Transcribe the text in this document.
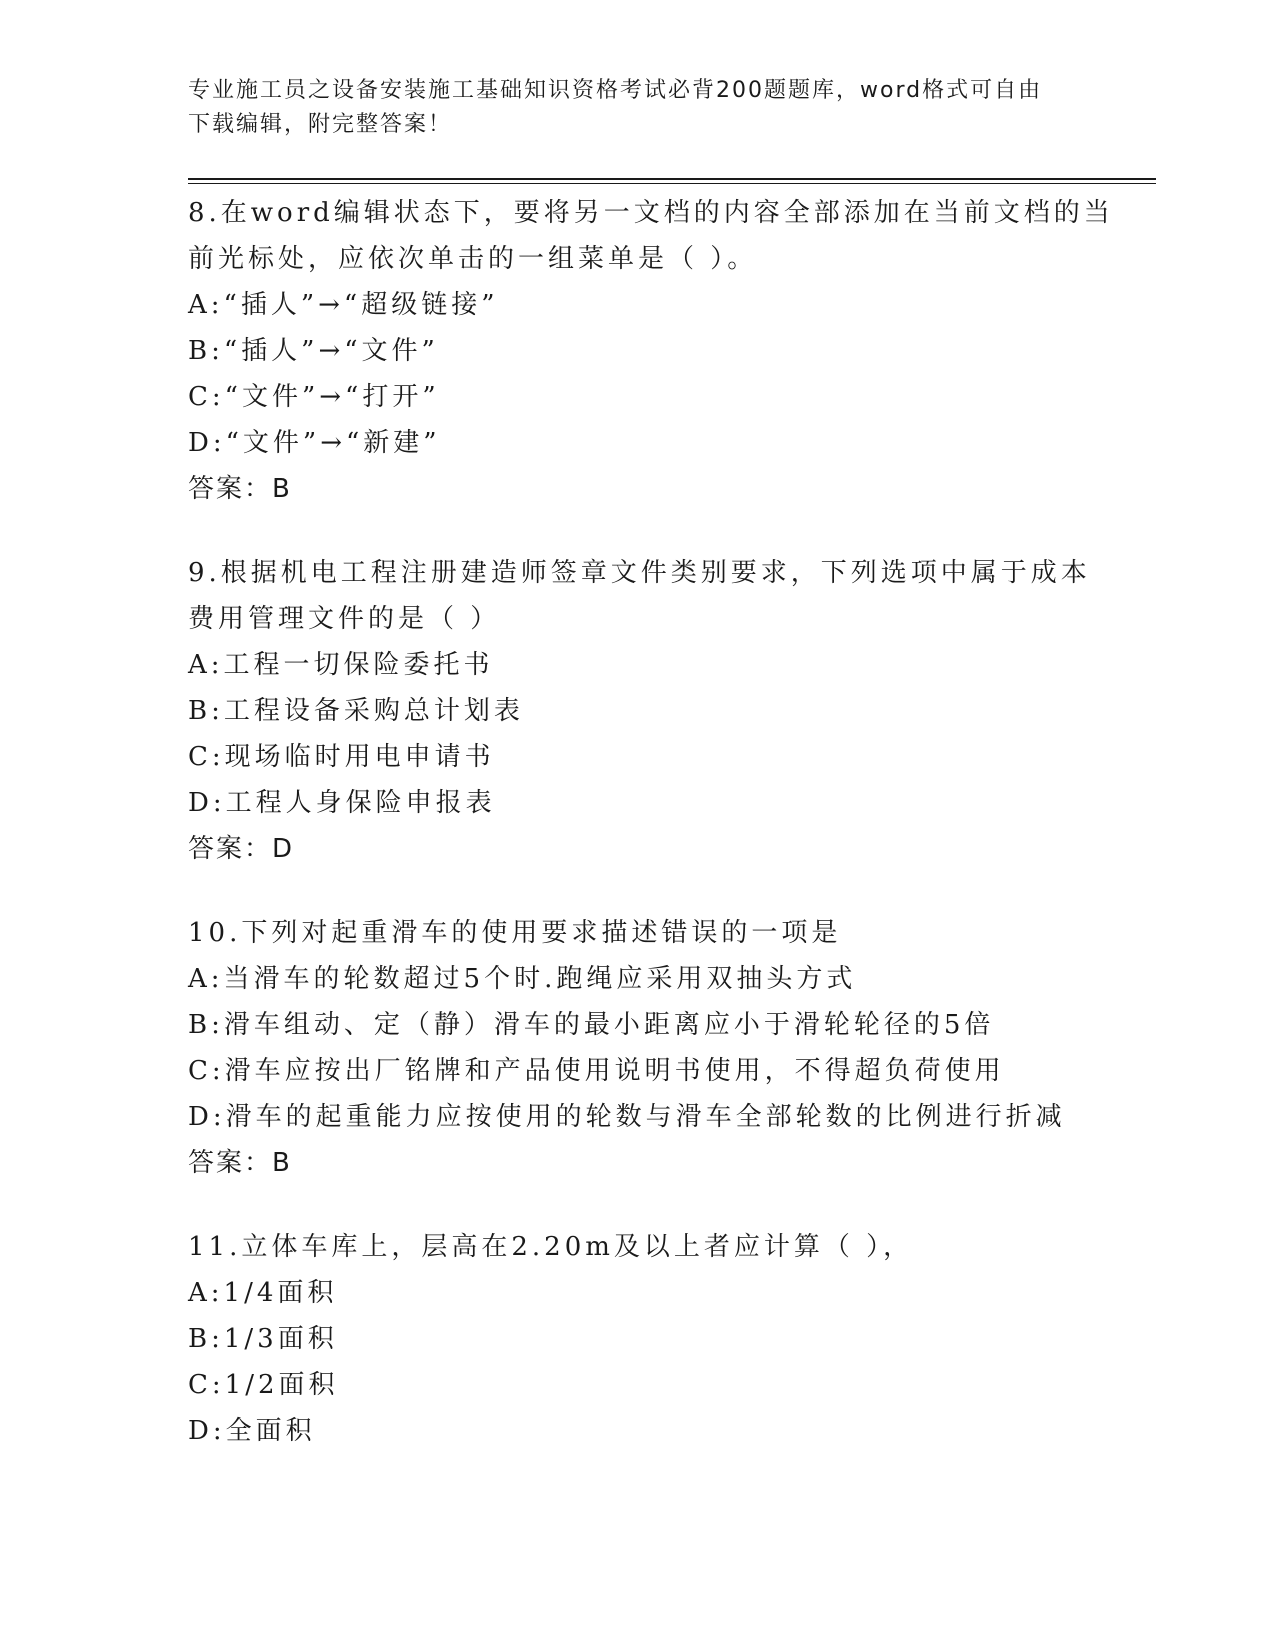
专业施工员之设备安装施工基础知识资格考试必背200题题库，word格式可自由
下载编辑，附完整答案！
8.在word编辑状态下，要将另一文档的内容全部添加在当前文档的当
前光标处，应依次单击的一组菜单是（ ）。
A:“插人”→“超级链接”
B:“插人”→“文件”
C:“文件”→“打开”
D:“文件”→“新建”
答案：B
9.根据机电工程注册建造师签章文件类别要求，下列选项中属于成本
费用管理文件的是（ ）
A:工程一切保险委托书
B:工程设备采购总计划表
C:现场临时用电申请书
D:工程人身保险申报表
答案：D
10.下列对起重滑车的使用要求描述错误的一项是
A:当滑车的轮数超过5个时.跑绳应采用双抽头方式
B:滑车组动、定（静）滑车的最小距离应小于滑轮轮径的5倍
C:滑车应按出厂铭牌和产品使用说明书使用，不得超负荷使用
D:滑车的起重能力应按使用的轮数与滑车全部轮数的比例进行折减
答案：B
11.立体车库上，层高在2.20m及以上者应计算（ ），
A:1/4面积
B:1/3面积
C:1/2面积
D:全面积
